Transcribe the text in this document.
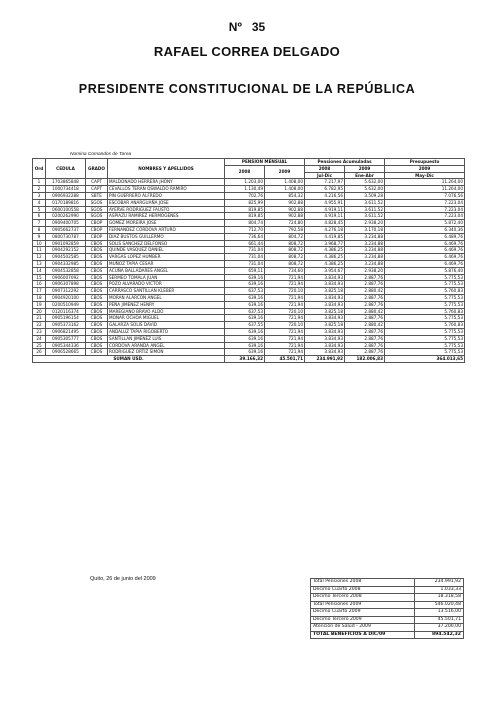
Nº 35
RAFAEL CORREA DELGADO
PRESIDENTE CONSTITUCIONAL DE LA REPÚBLICA
Nomina Comandos de Tarea
Ord	CEDULA	GRADO	NOMBRES Y APELLIDOS	PENSION MENSUAL		Pensiones Acumuladas		Presupuesto
				2008	2009	2008	2009	2009
						Jul-Dic	Ene-Abr	May-Dic
1	1703865848	CAPT	MALDONADO HERRERA JHONY	1.203,00	1.408,00	7.217,97	5.632,00	11.264,00
2	1000734418	CAPT	CEVALLOS TERAN OSWALDO RAMIRO	1.130,49	1.408,00	6.782,95	5.632,00	11.264,00
3	0906932288	SBTE	PIN GUERRERO ALFREDO	702,76	854,32	4.216,56	3.509,28	7.076,56
4	0170189816	SGOS	ESCOBAR ANARGUAÑA JOSE	825,99	902,88	4.955,91	3.611,52	7.223,04
5	0600100558	SGOS	AYERVE RODRIGUEZ FAUSTO	819,85	902,88	4.919,11	3.611,52	7.223,04
6	0200262990	SGOS	ASPIAZU RAMIREZ HERMOGENES	819,85	902,88	4.919,11	3.611,52	7.223,04
7	0909400705	CBOP	GOMEZ MOREIRA JOSE	804,74	724,80	4.828,45	2.938,20	5.872,40
8	0905662737	CBOP	FERNANDEZ CORDOVA ARTURO	712,70	792,58	4.276,18	3.170,18	6.340,36
9	0800730787	CBOP	DIAZ BUSTOS GUILLERMO	736,64	804,72	4.419,85	3.234,88	6.489,76
10	0901092859	CBOS	SOLIS SANCHEZ DELFONSO	661,44	808,72	3.968,77	3.234,88	6.469,76
11	0904292152	CBOS	QUINDE VASQUEZ DANIEL	731,04	808,72	4.386,25	3.234,88	6.469,76
12	0904502585	CBOS	VARGAS LOPEZ HUMBER	731,04	808,72	4.386,25	3.234,88	6.469,76
13	0904332985	CBOS	MUÑOZ TAPIA CESAR	731,04	808,72	4.386,25	3.234,88	6.469,76
14	0904532858	CBOS	ACUÑA BALLADARES ANGEL	659,11	734,60	3.954,67	2.938,20	5.876,40
15	0906007092	CBOS	SERMEO TOMALA JUAN	639,16	721,94	3.834,93	2.887,76	5.775,53
16	0906307898	CBOS	POZO ALVARADO VICTOR	639,16	721,94	3.834,93	2.887,76	5.775,53
17	0907312292	CBOS	CARRASCO SANTILLAN KLEBER	637,53	720,10	3.825,18	2.880,42	5.760,83
18	0904920100	CBOS	MORAN ALARCON ANGEL	639,16	721,94	3.834,93	2.887,76	5.775,53
19	0200510949	CBOS	PEÑA JIMENEZ HENRY	639,16	721,94	3.834,93	2.887,76	5.775,53
20	0120116374	CBOS	MAREGIANO BRAVO ALDO	637,53	720,10	3.825,18	2.880,42	5.760,83
21	0905196154	CBOS	MONAR OCHOA MIGUEL	639,16	721,94	3.834,93	2.887,76	5.775,53
22	0905373162	CBOS	GALARZA SOLIS DAVID	637,55	720,10	3.825,18	2.880,42	5.760,83
23	0906821495	CBOS	ANDALUZ TAPIA RIGOBERTO	639,16	721,94	3.834,93	2.887,76	5.775,53
24	0905305777	CBOS	SANTILLAN JIMENEZ LUIS	639,16	721,94	3.834,93	2.887,76	5.775,53
25	0905344336	CBOS	CORDOVA ARANDA ANGEL	639,16	721,94	3.834,93	2.887,76	5.775,53
26	0906528665	CBOS	RODRIGUEZ ORTIZ SIMON	639,16	721,94	3.834,93	2.887,76	5.775,53
SUMAN USD.				39.166,32	45.501,71	234.991,92	182.006,83	364.013,65
Quito, 26 de junio del 2009	Total Pensiones 2008	234.991,92
Decimo Cuarto 2008	1.033,33
Decimo Tercero 2008	18.318,58
Total Pensiones 2009	546.020,48
Decimo Cuarto 2009	13.516,00
Decimo Tercero 2009	45.501,71
Atención de Salud - 2009	37.200,00
TOTAL BENEFICIOS A DIC/09	894.542,32
